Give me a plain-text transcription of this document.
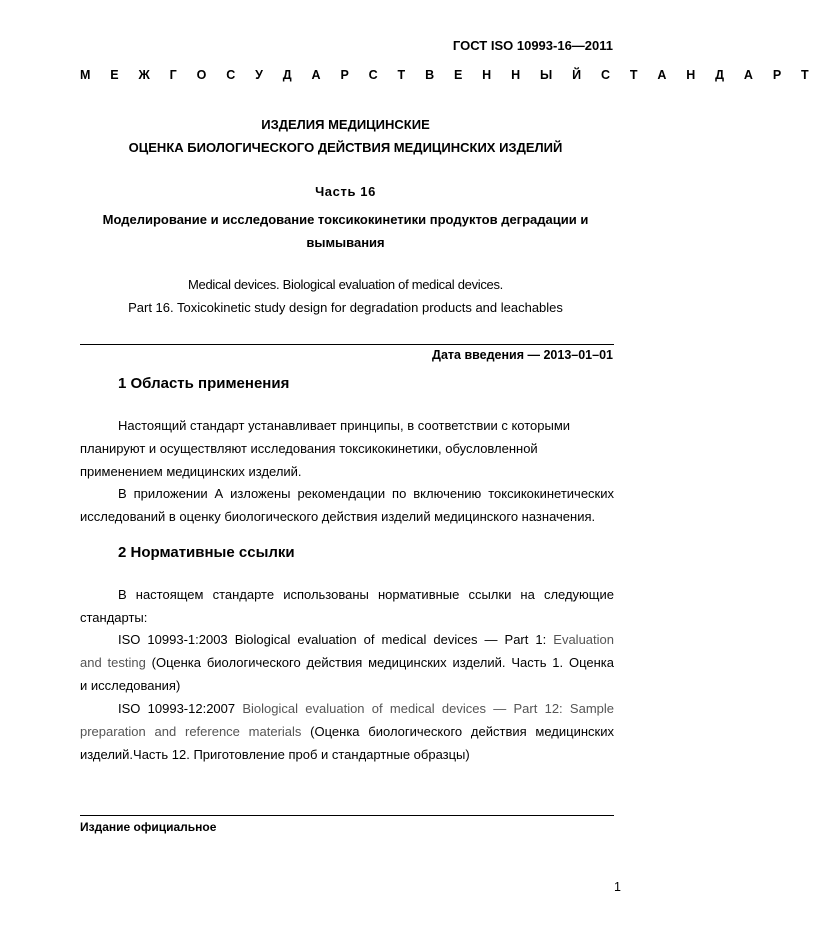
ГОСТ ISO 10993-16—2011
М Е Ж Г О С У Д А Р С Т В Е Н Н Ы Й С Т А Н Д А Р Т
ИЗДЕЛИЯ МЕДИЦИНСКИЕ
ОЦЕНКА БИОЛОГИЧЕСКОГО ДЕЙСТВИЯ МЕДИЦИНСКИХ ИЗДЕЛИЙ
Часть 16
Моделирование и исследование токсикокинетики продуктов деградации и
вымывания
Medical devices. Biological evaluation of medical devices.
Part 16. Toxicokinetic study design for degradation products and leachables
Дата введения — 2013–01–01
1 Область применения
Настоящий стандарт устанавливает принципы, в соответствии с которыми
планируют и осуществляют исследования токсикокинетики, обусловленной
применением медицинских изделий.
В приложении А изложены рекомендации по включению токсикокинетических
исследований в оценку биологического действия изделий медицинского назначения.
2 Нормативные ссылки
В настоящем стандарте использованы нормативные ссылки на следующие
стандарты:
ISO 10993-1:2003 Biological evaluation of medical devices — Part 1: Evaluation
and testing (Оценка биологического действия медицинских изделий. Часть 1. Оценка
и исследования)
ISO 10993-12:2007 Biological evaluation of medical devices — Part 12: Sample
preparation and reference materials (Оценка биологического действия медицинских
изделий.Часть 12. Приготовление проб и стандартные образцы)
Издание официальное
1
